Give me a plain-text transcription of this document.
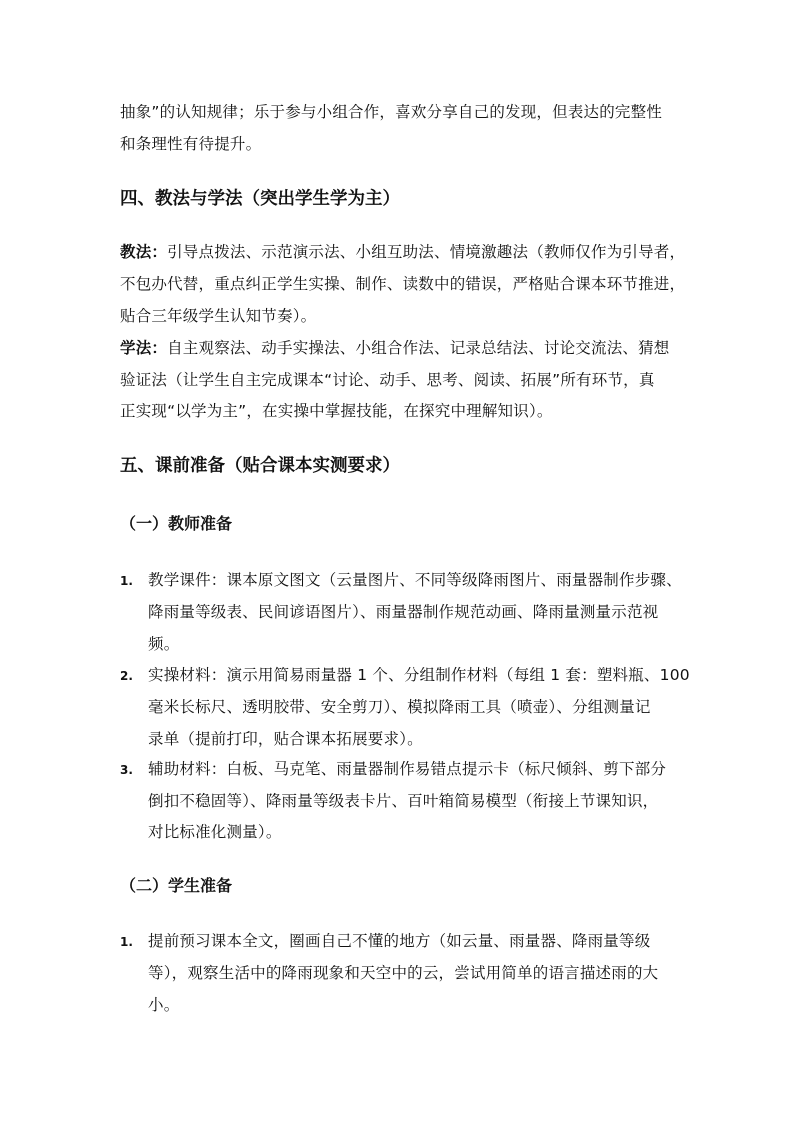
抽象”的认知规律；乐于参与小组合作，喜欢分享自己的发现，但表达的完整性
和条理性有待提升。
四、教法与学法（突出学生学为主）
教法：引导点拨法、示范演示法、小组互助法、情境激趣法（教师仅作为引导者，
不包办代替，重点纠正学生实操、制作、读数中的错误，严格贴合课本环节推进，
贴合三年级学生认知节奏）。
学法：自主观察法、动手实操法、小组合作法、记录总结法、讨论交流法、猜想
验证法（让学生自主完成课本“讨论、动手、思考、阅读、拓展”所有环节，真
正实现“以学为主”，在实操中掌握技能，在探究中理解知识）。
五、课前准备（贴合课本实测要求）
（一）教师准备
1. 教学课件：课本原文图文（云量图片、不同等级降雨图片、雨量器制作步骤、
降雨量等级表、民间谚语图片）、雨量器制作规范动画、降雨量测量示范视
频。
2. 实操材料：演示用简易雨量器 1 个、分组制作材料（每组 1 套：塑料瓶、100
毫米长标尺、透明胶带、安全剪刀）、模拟降雨工具（喷壶）、分组测量记
录单（提前打印，贴合课本拓展要求）。
3. 辅助材料：白板、马克笔、雨量器制作易错点提示卡（标尺倾斜、剪下部分
倒扣不稳固等）、降雨量等级表卡片、百叶箱简易模型（衔接上节课知识，
对比标准化测量）。
（二）学生准备
1. 提前预习课本全文，圈画自己不懂的地方（如云量、雨量器、降雨量等级
等），观察生活中的降雨现象和天空中的云，尝试用简单的语言描述雨的大
小。
